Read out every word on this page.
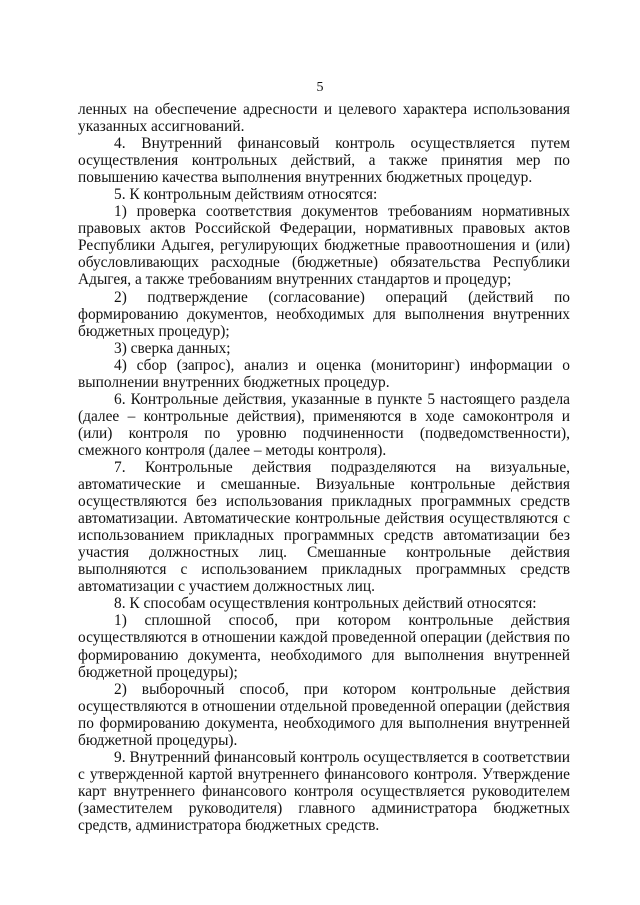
5

ленных на обеспечение адресности и целевого характера использования указанных ассигнований.

4. Внутренний финансовый контроль осуществляется путем осуществления контрольных действий, а также принятия мер по повышению качества выполнения внутренних бюджетных процедур.

5. К контрольным действиям относятся:

1) проверка соответствия документов требованиям нормативных правовых актов Российской Федерации, нормативных правовых актов Республики Адыгея, регулирующих бюджетные правоотношения и (или) обусловливающих расходные (бюджетные) обязательства Республики Адыгея, а также требованиям внутренних стандартов и процедур;

2) подтверждение (согласование) операций (действий по формированию документов, необходимых для выполнения внутренних бюджетных процедур);

3) сверка данных;

4) сбор (запрос), анализ и оценка (мониторинг) информации о выполнении внутренних бюджетных процедур.

6. Контрольные действия, указанные в пункте 5 настоящего раздела (далее – контрольные действия), применяются в ходе самоконтроля и (или) контроля по уровню подчиненности (подведомственности), смежного контроля (далее – методы контроля).

7. Контрольные действия подразделяются на визуальные, автоматические и смешанные. Визуальные контрольные действия осуществляются без использования прикладных программных средств автоматизации. Автоматические контрольные действия осуществляются с использованием прикладных программных средств автоматизации без участия должностных лиц. Смешанные контрольные действия выполняются с использованием прикладных программных средств автоматизации с участием должностных лиц.

8. К способам осуществления контрольных действий относятся:

1) сплошной способ, при котором контрольные действия осуществляются в отношении каждой проведенной операции (действия по формированию документа, необходимого для выполнения внутренней бюджетной процедуры);

2) выборочный способ, при котором контрольные действия осуществляются в отношении отдельной проведенной операции (действия по формированию документа, необходимого для выполнения внутренней бюджетной процедуры).

9. Внутренний финансовый контроль осуществляется в соответствии с утвержденной картой внутреннего финансового контроля. Утверждение карт внутреннего финансового контроля осуществляется руководителем (заместителем руководителя) главного администратора бюджетных средств, администратора бюджетных средств.
